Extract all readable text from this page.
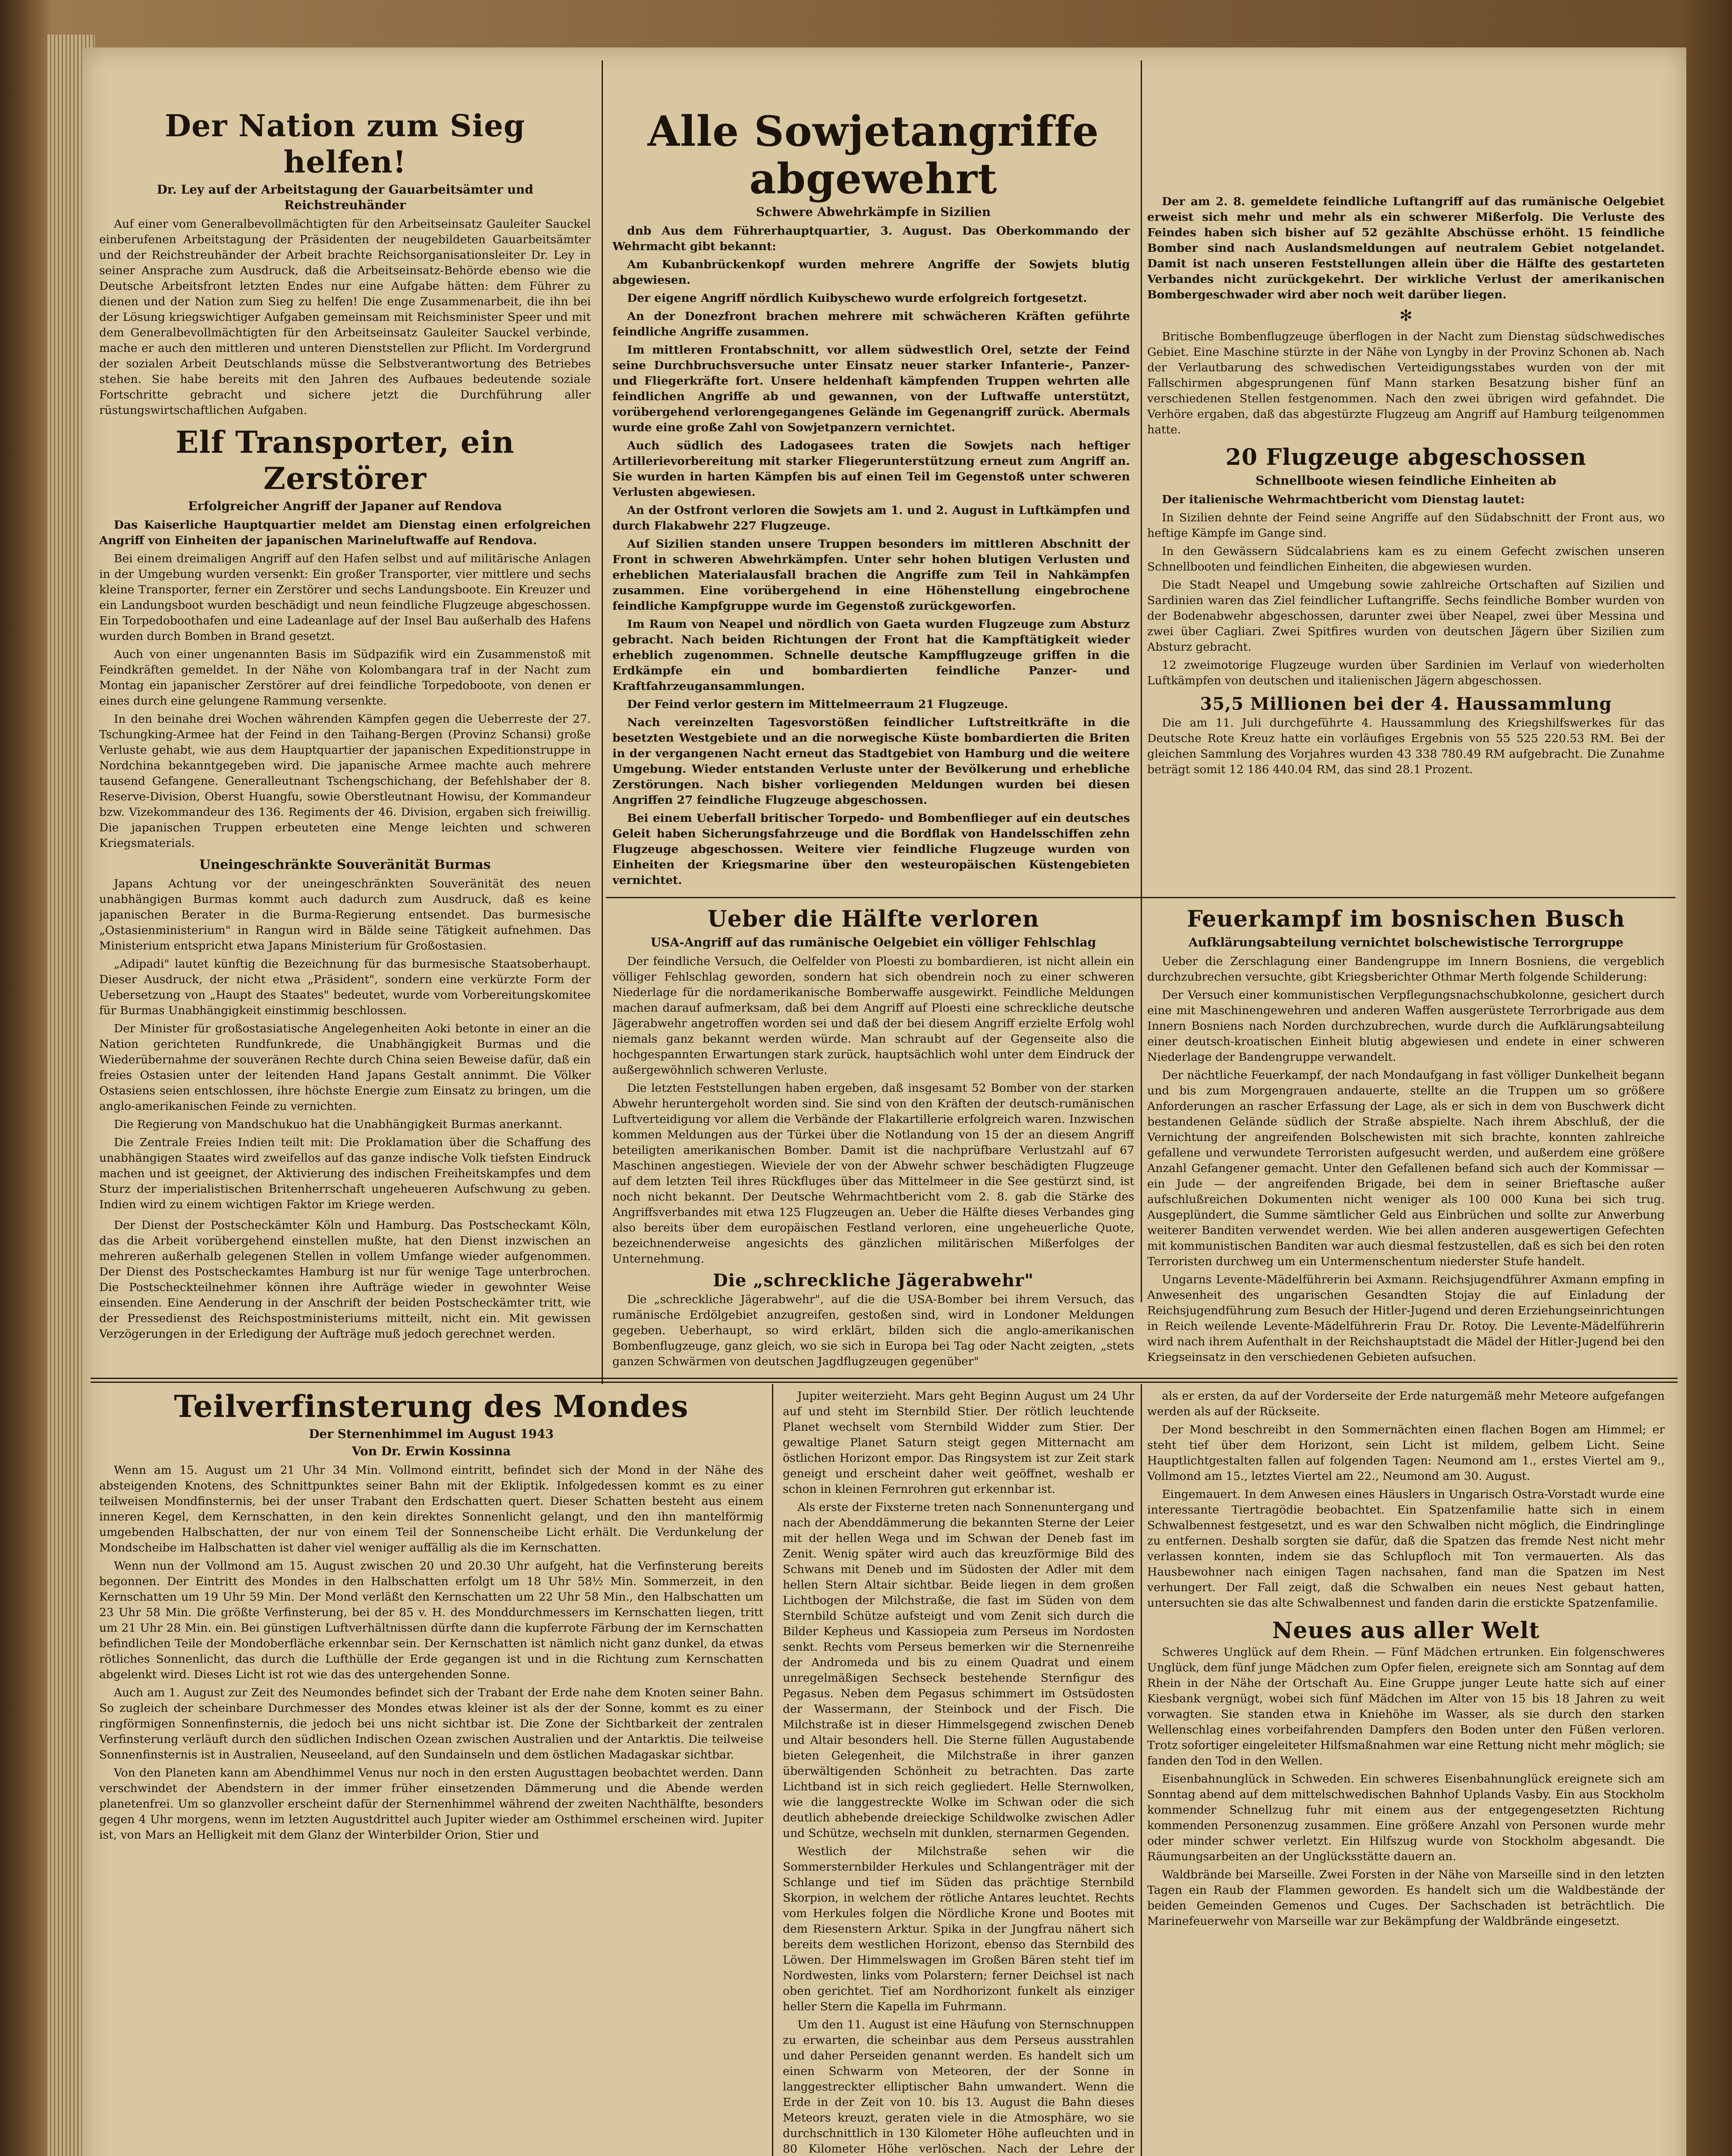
Der Nation zum Sieg helfen!
Dr. Ley auf der Arbeitstagung der Gauarbeitsämter und Reichstreuhänder

Auf einer vom Generalbevollmächtigten für den Arbeitseinsatz Gauleiter Sauckel einberufenen Arbeitstagung der Präsidenten der neugebildeten Gauarbeitsämter und der Reichstreuhänder der Arbeit brachte Reichsorganisationsleiter Dr. Ley in seiner Ansprache zum Ausdruck, daß die Arbeitseinsatz-Behörde ebenso wie die Deutsche Arbeitsfront letzten Endes nur eine Aufgabe hätten: dem Führer zu dienen und der Nation zum Sieg zu helfen! Die enge Zusammenarbeit, die ihn bei der Lösung kriegswichtiger Aufgaben gemeinsam mit Reichsminister Speer und mit dem Generalbevollmächtigten für den Arbeitseinsatz Gauleiter Sauckel verbinde, mache er auch den mittleren und unteren Dienststellen zur Pflicht. Im Vordergrund der sozialen Arbeit Deutschlands müsse die Selbstverantwortung des Betriebes stehen. Sie habe bereits mit den Jahren des Aufbaues bedeutende soziale Fortschritte gebracht und sichere jetzt die Durchführung aller rüstungswirtschaftlichen Aufgaben.

Elf Transporter, ein Zerstörer
Erfolgreicher Angriff der Japaner auf Rendova

Das Kaiserliche Hauptquartier meldet am Dienstag einen erfolgreichen Angriff von Einheiten der japanischen Marineluftwaffe auf Rendova.

Bei einem dreimaligen Angriff auf den Hafen selbst und auf militärische Anlagen in der Umgebung wurden versenkt: Ein großer Transporter, vier mittlere und sechs kleine Transporter, ferner ein Zerstörer und sechs Landungsboote. Ein Kreuzer und ein Landungsboot wurden beschädigt und neun feindliche Flugzeuge abgeschossen. Ein Torpedoboothafen und eine Ladeanlage auf der Insel Bau außerhalb des Hafens wurden durch Bomben in Brand gesetzt.

Auch von einer ungenannten Basis im Südpazifik wird ein Zusammenstoß mit Feindkräften gemeldet. In der Nähe von Kolombangara traf in der Nacht zum Montag ein japanischer Zerstörer auf drei feindliche Torpedoboote, von denen er eines durch eine gelungene Rammung versenkte.

In den beinahe drei Wochen währenden Kämpfen gegen die Ueberreste der 27. Tschungking-Armee hat der Feind in den Taihang-Bergen (Provinz Schansi) große Verluste gehabt, wie aus dem Hauptquartier der japanischen Expeditionstruppe in Nordchina bekanntgegeben wird. Die japanische Armee machte auch mehrere tausend Gefangene. Generalleutnant Tschengschichang, der Befehlshaber der 8. Reserve-Division, Oberst Huangfu, sowie Oberstleutnant Howisu, der Kommandeur bzw. Vizekommandeur des 136. Regiments der 46. Division, ergaben sich freiwillig. Die japanischen Truppen erbeuteten eine Menge leichten und schweren Kriegsmaterials.

Uneingeschränkte Souveränität Burmas

Japans Achtung vor der uneingeschränkten Souveränität des neuen unabhängigen Burmas kommt auch dadurch zum Ausdruck, daß es keine japanischen Berater in die Burma-Regierung entsendet. Das burmesische „Ostasienministerium" in Rangun wird in Bälde seine Tätigkeit aufnehmen. Das Ministerium entspricht etwa Japans Ministerium für Großostasien.

„Adipadi" lautet künftig die Bezeichnung für das burmesische Staatsoberhaupt. Dieser Ausdruck, der nicht etwa „Präsident", sondern eine verkürzte Form der Uebersetzung von „Haupt des Staates" bedeutet, wurde vom Vorbereitungskomitee für Burmas Unabhängigkeit einstimmig beschlossen.

Der Minister für großostasiatische Angelegenheiten Aoki betonte in einer an die Nation gerichteten Rundfunkrede, die Unabhängigkeit Burmas und die Wiederübernahme der souveränen Rechte durch China seien Beweise dafür, daß ein freies Ostasien unter der leitenden Hand Japans Gestalt annimmt. Die Völker Ostasiens seien entschlossen, ihre höchste Energie zum Einsatz zu bringen, um die anglo-amerikanischen Feinde zu vernichten.

Die Regierung von Mandschukuo hat die Unabhängigkeit Burmas anerkannt.

Die Zentrale Freies Indien teilt mit: Die Proklamation über die Schaffung des unabhängigen Staates wird zweifellos auf das ganze indische Volk tiefsten Eindruck machen und ist geeignet, der Aktivierung des indischen Freiheitskampfes und dem Sturz der imperialistischen Britenherrschaft ungeheueren Aufschwung zu geben. Indien wird zu einem wichtigen Faktor im Kriege werden.

Der Dienst der Postscheckämter Köln und Hamburg. Das Postscheckamt Köln, das die Arbeit vorübergehend einstellen mußte, hat den Dienst inzwischen an mehreren außerhalb gelegenen Stellen in vollem Umfange wieder aufgenommen. Der Dienst des Postscheckamtes Hamburg ist nur für wenige Tage unterbrochen. Die Postscheckteilnehmer können ihre Aufträge wieder in gewohnter Weise einsenden. Eine Aenderung in der Anschrift der beiden Postscheckämter tritt, wie der Pressedienst des Reichspostministeriums mitteilt, nicht ein. Mit gewissen Verzögerungen in der Erledigung der Aufträge muß jedoch gerechnet werden.

Alle Sowjetangriffe abgewehrt
Schwere Abwehrkämpfe in Sizilien

dnb Aus dem Führerhauptquartier, 3. August. Das Oberkommando der Wehrmacht gibt bekannt:

Am Kubanbrückenkopf wurden mehrere Angriffe der Sowjets blutig abgewiesen.

Der eigene Angriff nördlich Kuibyschewo wurde erfolgreich fortgesetzt.

An der Donezfront brachen mehrere mit schwächeren Kräften geführte feindliche Angriffe zusammen.

Im mittleren Frontabschnitt, vor allem südwestlich Orel, setzte der Feind seine Durchbruchsversuche unter Einsatz neuer starker Infanterie-, Panzer- und Fliegerkräfte fort. Unsere heldenhaft kämpfenden Truppen wehrten alle feindlichen Angriffe ab und gewannen, von der Luftwaffe unterstützt, vorübergehend verlorengegangenes Gelände im Gegenangriff zurück. Abermals wurde eine große Zahl von Sowjetpanzern vernichtet.

Auch südlich des Ladogasees traten die Sowjets nach heftiger Artillerievorbereitung mit starker Fliegerunterstützung erneut zum Angriff an. Sie wurden in harten Kämpfen bis auf einen Teil im Gegenstoß unter schweren Verlusten abgewiesen.

An der Ostfront verloren die Sowjets am 1. und 2. August in Luftkämpfen und durch Flakabwehr 227 Flugzeuge.

Auf Sizilien standen unsere Truppen besonders im mittleren Abschnitt der Front in schweren Abwehrkämpfen. Unter sehr hohen blutigen Verlusten und erheblichen Materialausfall brachen die Angriffe zum Teil in Nahkämpfen zusammen. Eine vorübergehend in eine Höhenstellung eingebrochene feindliche Kampfgruppe wurde im Gegenstoß zurückgeworfen.

Im Raum von Neapel und nördlich von Gaeta wurden Flugzeuge zum Absturz gebracht. Nach beiden Richtungen der Front hat die Kampftätigkeit wieder erheblich zugenommen. Schnelle deutsche Kampfflugzeuge griffen in die Erdkämpfe ein und bombardierten feindliche Panzer- und Kraftfahrzeugansammlungen.

Der Feind verlor gestern im Mittelmeerraum 21 Flugzeuge.

Nach vereinzelten Tagesvorstößen feindlicher Luftstreitkräfte in die besetzten Westgebiete und an die norwegische Küste bombardierten die Briten in der vergangenen Nacht erneut das Stadtgebiet von Hamburg und die weitere Umgebung. Wieder entstanden Verluste unter der Bevölkerung und erhebliche Zerstörungen. Nach bisher vorliegenden Meldungen wurden bei diesen Angriffen 27 feindliche Flugzeuge abgeschossen.

Bei einem Ueberfall britischer Torpedo- und Bombenflieger auf ein deutsches Geleit haben Sicherungsfahrzeuge und die Bordflak von Handelsschiffen zehn Flugzeuge abgeschossen. Weitere vier feindliche Flugzeuge wurden von Einheiten der Kriegsmarine über den westeuropäischen Küstengebieten vernichtet.

Ueber die Hälfte verloren
USA-Angriff auf das rumänische Oelgebiet ein völliger Fehlschlag

Der feindliche Versuch, die Oelfelder von Ploesti zu bombardieren, ist nicht allein ein völliger Fehlschlag geworden, sondern hat sich obendrein noch zu einer schweren Niederlage für die nordamerikanische Bomberwaffe ausgewirkt. Feindliche Meldungen machen darauf aufmerksam, daß bei dem Angriff auf Ploesti eine schreckliche deutsche Jägerabwehr angetroffen worden sei und daß der bei diesem Angriff erzielte Erfolg wohl niemals ganz bekannt werden würde. Man schraubt auf der Gegenseite also die hochgespannten Erwartungen stark zurück, hauptsächlich wohl unter dem Eindruck der außergewöhnlich schweren Verluste.

Die letzten Feststellungen haben ergeben, daß insgesamt 52 Bomber von der starken Abwehr heruntergeholt worden sind. Sie sind von den Kräften der deutsch-rumänischen Luftverteidigung vor allem die Verbände der Flakartillerie erfolgreich waren. Inzwischen kommen Meldungen aus der Türkei über die Notlandung von 15 der an diesem Angriff beteiligten amerikanischen Bomber. Damit ist die nachprüfbare Verlustzahl auf 67 Maschinen angestiegen. Wieviele der von der Abwehr schwer beschädigten Flugzeuge auf dem letzten Teil ihres Rückfluges über das Mittelmeer in die See gestürzt sind, ist noch nicht bekannt. Der Deutsche Wehrmachtbericht vom 2. 8. gab die Stärke des Angriffsverbandes mit etwa 125 Flugzeugen an. Ueber die Hälfte dieses Verbandes ging also bereits über dem europäischen Festland verloren, eine ungeheuerliche Quote, bezeichnenderweise angesichts des gänzlichen militärischen Mißerfolges der Unternehmung.

Die „schreckliche Jägerabwehr"

Die „schreckliche Jägerabwehr", auf die die USA-Bomber bei ihrem Versuch, das rumänische Erdölgebiet anzugreifen, gestoßen sind, wird in Londoner Meldungen gegeben. Ueberhaupt, so wird erklärt, bilden sich die anglo-amerikanischen Bombenflugzeuge, ganz gleich, wo sie sich in Europa bei Tag oder Nacht zeigten, „stets ganzen Schwärmen von deutschen Jagdflugzeugen gegenüber"

Der am 2. 8. gemeldete feindliche Luftangriff auf das rumänische Oelgebiet erweist sich mehr und mehr als ein schwerer Mißerfolg. Die Verluste des Feindes haben sich bisher auf 52 gezählte Abschüsse erhöht. 15 feindliche Bomber sind nach Auslandsmeldungen auf neutralem Gebiet notgelandet. Damit ist nach unseren Feststellungen allein über die Hälfte des gestarteten Verbandes nicht zurückgekehrt. Der wirkliche Verlust der amerikanischen Bombergeschwader wird aber noch weit darüber liegen.

✻

Britische Bombenflugzeuge überflogen in der Nacht zum Dienstag südschwedisches Gebiet. Eine Maschine stürzte in der Nähe von Lyngby in der Provinz Schonen ab. Nach der Verlautbarung des schwedischen Verteidigungsstabes wurden von der mit Fallschirmen abgesprungenen fünf Mann starken Besatzung bisher fünf an verschiedenen Stellen festgenommen. Nach den zwei übrigen wird gefahndet. Die Verhöre ergaben, daß das abgestürzte Flugzeug am Angriff auf Hamburg teilgenommen hatte.

20 Flugzeuge abgeschossen
Schnellboote wiesen feindliche Einheiten ab

Der italienische Wehrmachtbericht vom Dienstag lautet:

In Sizilien dehnte der Feind seine Angriffe auf den Südabschnitt der Front aus, wo heftige Kämpfe im Gange sind.

In den Gewässern Südcalabriens kam es zu einem Gefecht zwischen unseren Schnellbooten und feindlichen Einheiten, die abgewiesen wurden.

Die Stadt Neapel und Umgebung sowie zahlreiche Ortschaften auf Sizilien und Sardinien waren das Ziel feindlicher Luftangriffe. Sechs feindliche Bomber wurden von der Bodenabwehr abgeschossen, darunter zwei über Neapel, zwei über Messina und zwei über Cagliari. Zwei Spitfires wurden von deutschen Jägern über Sizilien zum Absturz gebracht.

12 zweimotorige Flugzeuge wurden über Sardinien im Verlauf von wiederholten Luftkämpfen von deutschen und italienischen Jägern abgeschossen.

35,5 Millionen bei der 4. Haussammlung

Die am 11. Juli durchgeführte 4. Haussammlung des Kriegshilfswerkes für das Deutsche Rote Kreuz hatte ein vorläufiges Ergebnis von 55 525 220.53 RM. Bei der gleichen Sammlung des Vorjahres wurden 43 338 780.49 RM aufgebracht. Die Zunahme beträgt somit 12 186 440.04 RM, das sind 28.1 Prozent.

Feuerkampf im bosnischen Busch
Aufklärungsabteilung vernichtet bolschewistische Terrorgruppe

Ueber die Zerschlagung einer Bandengruppe im Innern Bosniens, die vergeblich durchzubrechen versuchte, gibt Kriegsberichter Othmar Merth folgende Schilderung:

Der Versuch einer kommunistischen Verpflegungsnachschubkolonne, gesichert durch eine mit Maschinengewehren und anderen Waffen ausgerüstete Terrorbrigade aus dem Innern Bosniens nach Norden durchzubrechen, wurde durch die Aufklärungsabteilung einer deutsch-kroatischen Einheit blutig abgewiesen und endete in einer schweren Niederlage der Bandengruppe verwandelt.

Der nächtliche Feuerkampf, der nach Mondaufgang in fast völliger Dunkelheit begann und bis zum Morgengrauen andauerte, stellte an die Truppen um so größere Anforderungen an rascher Erfassung der Lage, als er sich in dem von Buschwerk dicht bestandenen Gelände südlich der Straße abspielte. Nach ihrem Abschluß, der die Vernichtung der angreifenden Bolschewisten mit sich brachte, konnten zahlreiche gefallene und verwundete Terroristen aufgesucht werden, und außerdem eine größere Anzahl Gefangener gemacht. Unter den Gefallenen befand sich auch der Kommissar — ein Jude — der angreifenden Brigade, bei dem in seiner Brieftasche außer aufschlußreichen Dokumenten nicht weniger als 100 000 Kuna bei sich trug. Ausgeplündert, die Summe sämtlicher Geld aus Einbrüchen und sollte zur Anwerbung weiterer Banditen verwendet werden. Wie bei allen anderen ausgewertigen Gefechten mit kommunistischen Banditen war auch diesmal festzustellen, daß es sich bei den roten Terroristen durchweg um ein Untermenschentum niederster Stufe handelt.

Ungarns Levente-Mädelführerin bei Axmann. Reichsjugendführer Axmann empfing in Anwesenheit des ungarischen Gesandten Stojay die auf Einladung der Reichsjugendführung zum Besuch der Hitler-Jugend und deren Erziehungseinrichtungen in Reich weilende Levente-Mädelführerin Frau Dr. Rotoy. Die Levente-Mädelführerin wird nach ihrem Aufenthalt in der Reichshauptstadt die Mädel der Hitler-Jugend bei den Kriegseinsatz in den verschiedenen Gebieten aufsuchen.

Teilverfinsterung des Mondes
Der Sternenhimmel im August 1943
Von Dr. Erwin Kossinna

Wenn am 15. August um 21 Uhr 34 Min. Vollmond eintritt, befindet sich der Mond in der Nähe des absteigenden Knotens, des Schnittpunktes seiner Bahn mit der Ekliptik. Infolgedessen kommt es zu einer teilweisen Mondfinsternis, bei der unser Trabant den Erdschatten quert. Dieser Schatten besteht aus einem inneren Kegel, dem Kernschatten, in den kein direktes Sonnenlicht gelangt, und den ihn mantelförmig umgebenden Halbschatten, der nur von einem Teil der Sonnenscheibe Licht erhält. Die Verdunkelung der Mondscheibe im Halbschatten ist daher viel weniger auffällig als die im Kernschatten.

Wenn nun der Vollmond am 15. August zwischen 20 und 20.30 Uhr aufgeht, hat die Verfinsterung bereits begonnen. Der Eintritt des Mondes in den Halbschatten erfolgt um 18 Uhr 58½ Min. Sommerzeit, in den Kernschatten um 19 Uhr 59 Min. Der Mond verläßt den Kernschatten um 22 Uhr 58 Min., den Halbschatten um 23 Uhr 58 Min. Die größte Verfinsterung, bei der 85 v. H. des Monddurchmessers im Kernschatten liegen, tritt um 21 Uhr 28 Min. ein. Bei günstigen Luftverhältnissen dürfte dann die kupferrote Färbung der im Kernschatten befindlichen Teile der Mondoberfläche erkennbar sein. Der Kernschatten ist nämlich nicht ganz dunkel, da etwas rötliches Sonnenlicht, das durch die Lufthülle der Erde gegangen ist und in die Richtung zum Kernschatten abgelenkt wird. Dieses Licht ist rot wie das des untergehenden Sonne.

Auch am 1. August zur Zeit des Neumondes befindet sich der Trabant der Erde nahe dem Knoten seiner Bahn. So zugleich der scheinbare Durchmesser des Mondes etwas kleiner ist als der der Sonne, kommt es zu einer ringförmigen Sonnenfinsternis, die jedoch bei uns nicht sichtbar ist. Die Zone der Sichtbarkeit der zentralen Verfinsterung verläuft durch den südlichen Indischen Ozean zwischen Australien und der Antarktis. Die teilweise Sonnenfinsternis ist in Australien, Neuseeland, auf den Sundainseln und dem östlichen Madagaskar sichtbar.

Von den Planeten kann am Abendhimmel Venus nur noch in den ersten Augusttagen beobachtet werden. Dann verschwindet der Abendstern in der immer früher einsetzenden Dämmerung und die Abende werden planetenfrei. Um so glanzvoller erscheint dafür der Sternenhimmel während der zweiten Nachthälfte, besonders gegen 4 Uhr morgens, wenn im letzten Augustdrittel auch Jupiter wieder am Osthimmel erscheinen wird. Jupiter ist, von Mars an Helligkeit mit dem Glanz der Winterbilder Orion, Stier und

Jupiter weiterzieht. Mars geht Beginn August um 24 Uhr auf und steht im Sternbild Stier. Der rötlich leuchtende Planet wechselt vom Sternbild Widder zum Stier. Der gewaltige Planet Saturn steigt gegen Mitternacht am östlichen Horizont empor. Das Ringsystem ist zur Zeit stark geneigt und erscheint daher weit geöffnet, weshalb er schon in kleinen Fernrohren gut erkennbar ist.

Als erste der Fixsterne treten nach Sonnenuntergang und nach der Abenddämmerung die bekannten Sterne der Leier mit der hellen Wega und im Schwan der Deneb fast im Zenit. Wenig später wird auch das kreuzförmige Bild des Schwans mit Deneb und im Südosten der Adler mit dem hellen Stern Altair sichtbar. Beide liegen in dem großen Lichtbogen der Milchstraße, die fast im Süden von dem Sternbild Schütze aufsteigt und vom Zenit sich durch die Bilder Kepheus und Kassiopeia zum Perseus im Nordosten senkt. Rechts vom Perseus bemerken wir die Sternenreihe der Andromeda und bis zu einem Quadrat und einem unregelmäßigen Sechseck bestehende Sternfigur des Pegasus. Neben dem Pegasus schimmert im Ostsüdosten der Wassermann, der Steinbock und der Fisch. Die Milchstraße ist in dieser Himmelsgegend zwischen Deneb und Altair besonders hell. Die Sterne füllen Augustabende bieten Gelegenheit, die Milchstraße in ihrer ganzen überwältigenden Schönheit zu betrachten. Das zarte Lichtband ist in sich reich gegliedert. Helle Sternwolken, wie die langgestreckte Wolke im Schwan oder die sich deutlich abhebende dreieckige Schildwolke zwischen Adler und Schütze, wechseln mit dunklen, sternarmen Gegenden.

Westlich der Milchstraße sehen wir die Sommersternbilder Herkules und Schlangenträger mit der Schlange und tief im Süden das prächtige Sternbild Skorpion, in welchem der rötliche Antares leuchtet. Rechts vom Herkules folgen die Nördliche Krone und Bootes mit dem Riesenstern Arktur. Spika in der Jungfrau nähert sich bereits dem westlichen Horizont, ebenso das Sternbild des Löwen. Der Himmelswagen im Großen Bären steht tief im Nordwesten, links vom Polarstern; ferner Deichsel ist nach oben gerichtet. Tief am Nordhorizont funkelt als einziger heller Stern die Kapella im Fuhrmann.

Um den 11. August ist eine Häufung von Sternschnuppen zu erwarten, die scheinbar aus dem Perseus ausstrahlen und daher Perseiden genannt werden. Es handelt sich um einen Schwarm von Meteoren, der der Sonne in langgestreckter elliptischer Bahn umwandert. Wenn die Erde in der Zeit von 10. bis 13. August die Bahn dieses Meteors kreuzt, geraten viele in die Atmosphäre, wo sie durchschnittlich in 130 Kilometer Höhe aufleuchten und in 80 Kilometer Höhe verlöschen. Nach der Lehre der

als er ersten, da auf der Vorderseite der Erde naturgemäß mehr Meteore aufgefangen werden als auf der Rückseite.

Der Mond beschreibt in den Sommernächten einen flachen Bogen am Himmel; er steht tief über dem Horizont, sein Licht ist mildem, gelbem Licht. Seine Hauptlichtgestalten fallen auf folgenden Tagen: Neumond am 1., erstes Viertel am 9., Vollmond am 15., letztes Viertel am 22., Neumond am 30. August.

Eingemauert. In dem Anwesen eines Häuslers in Ungarisch Ostra-Vorstadt wurde eine interessante Tiertragödie beobachtet. Ein Spatzenfamilie hatte sich in einem Schwalbennest festgesetzt, und es war den Schwalben nicht möglich, die Eindringlinge zu entfernen. Deshalb sorgten sie dafür, daß die Spatzen das fremde Nest nicht mehr verlassen konnten, indem sie das Schlupfloch mit Ton vermauerten. Als das Hausbewohner nach einigen Tagen nachsahen, fand man die Spatzen im Nest verhungert. Der Fall zeigt, daß die Schwalben ein neues Nest gebaut hatten, untersuchten sie das alte Schwalbennest und fanden darin die erstickte Spatzenfamilie.

Neues aus aller Welt

Schweres Unglück auf dem Rhein. — Fünf Mädchen ertrunken. Ein folgenschweres Unglück, dem fünf junge Mädchen zum Opfer fielen, ereignete sich am Sonntag auf dem Rhein in der Nähe der Ortschaft Au. Eine Gruppe junger Leute hatte sich auf einer Kiesbank vergnügt, wobei sich fünf Mädchen im Alter von 15 bis 18 Jahren zu weit vorwagten. Sie standen etwa in Kniehöhe im Wasser, als sie durch den starken Wellenschlag eines vorbeifahrenden Dampfers den Boden unter den Füßen verloren. Trotz sofortiger eingeleiteter Hilfsmaßnahmen war eine Rettung nicht mehr möglich; sie fanden den Tod in den Wellen.

Eisenbahnunglück in Schweden. Ein schweres Eisenbahnunglück ereignete sich am Sonntag abend auf dem mittelschwedischen Bahnhof Uplands Vasby. Ein aus Stockholm kommender Schnellzug fuhr mit einem aus der entgegengesetzten Richtung kommenden Personenzug zusammen. Eine größere Anzahl von Personen wurde mehr oder minder schwer verletzt. Ein Hilfszug wurde von Stockholm abgesandt. Die Räumungsarbeiten an der Unglücksstätte dauern an.

Waldbrände bei Marseille. Zwei Forsten in der Nähe von Marseille sind in den letzten Tagen ein Raub der Flammen geworden. Es handelt sich um die Waldbestände der beiden Gemeinden Gemenos und Cuges. Der Sachschaden ist beträchtlich. Die Marinefeuerwehr von Marseille war zur Bekämpfung der Waldbrände eingesetzt.
